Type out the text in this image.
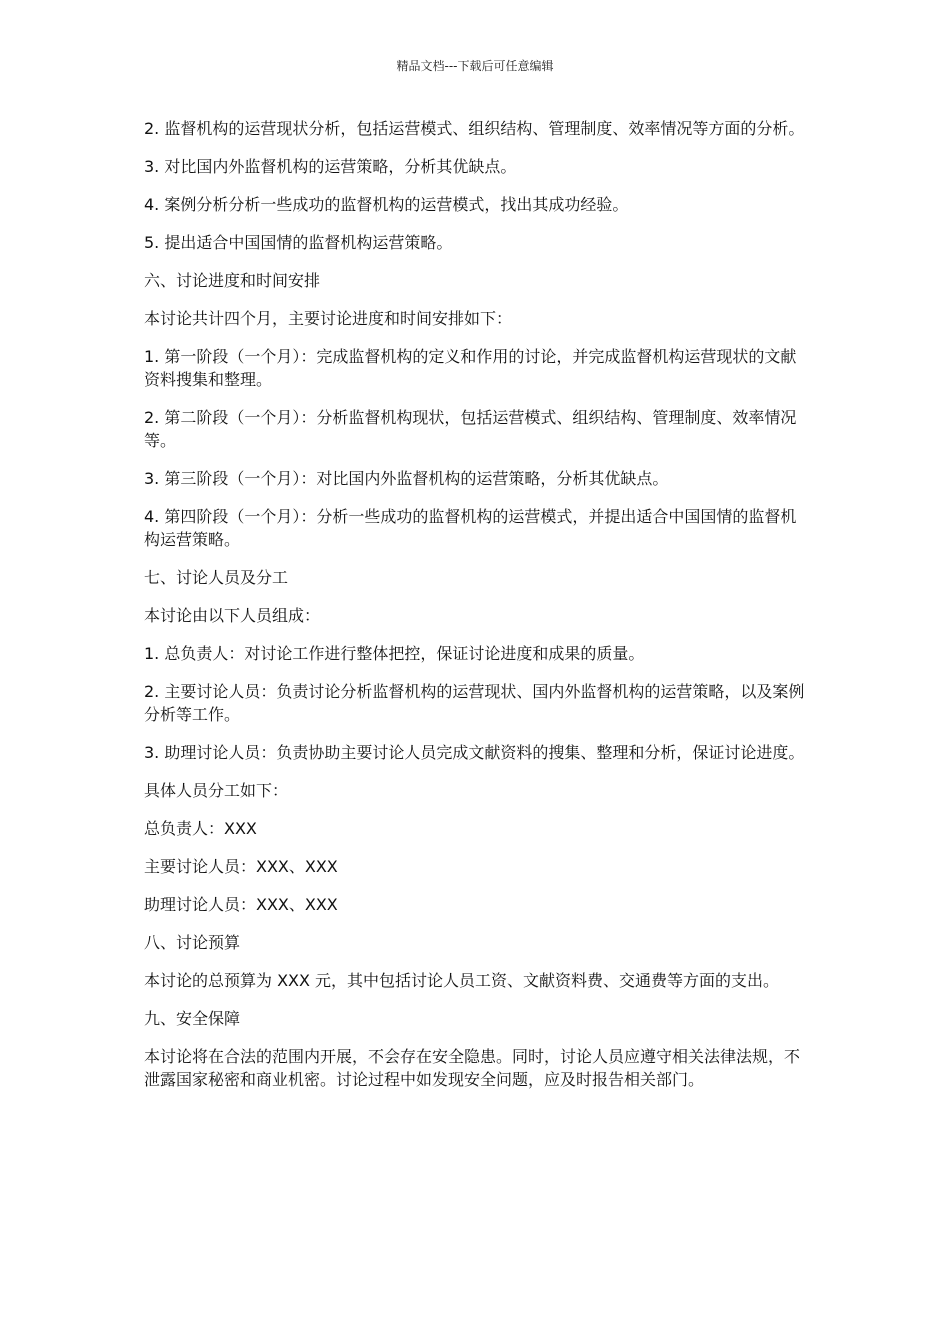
精品文档---下载后可任意编辑

2. 监督机构的运营现状分析，包括运营模式、组织结构、管理制度、效率情况等方面的分析。

3. 对比国内外监督机构的运营策略，分析其优缺点。

4. 案例分析分析一些成功的监督机构的运营模式，找出其成功经验。

5. 提出适合中国国情的监督机构运营策略。

六、讨论进度和时间安排

本讨论共计四个月，主要讨论进度和时间安排如下：

1. 第一阶段（一个月）：完成监督机构的定义和作用的讨论，并完成监督机构运营现状的文献资料搜集和整理。

2. 第二阶段（一个月）：分析监督机构现状，包括运营模式、组织结构、管理制度、效率情况等。

3. 第三阶段（一个月）：对比国内外监督机构的运营策略，分析其优缺点。

4. 第四阶段（一个月）：分析一些成功的监督机构的运营模式，并提出适合中国国情的监督机构运营策略。

七、讨论人员及分工

本讨论由以下人员组成：

1. 总负责人：对讨论工作进行整体把控，保证讨论进度和成果的质量。

2. 主要讨论人员：负责讨论分析监督机构的运营现状、国内外监督机构的运营策略，以及案例分析等工作。

3. 助理讨论人员：负责协助主要讨论人员完成文献资料的搜集、整理和分析，保证讨论进度。

具体人员分工如下：

总负责人：XXX

主要讨论人员：XXX、XXX

助理讨论人员：XXX、XXX

八、讨论预算

本讨论的总预算为 XXX 元，其中包括讨论人员工资、文献资料费、交通费等方面的支出。

九、安全保障

本讨论将在合法的范围内开展，不会存在安全隐患。同时，讨论人员应遵守相关法律法规，不泄露国家秘密和商业机密。讨论过程中如发现安全问题，应及时报告相关部门。
